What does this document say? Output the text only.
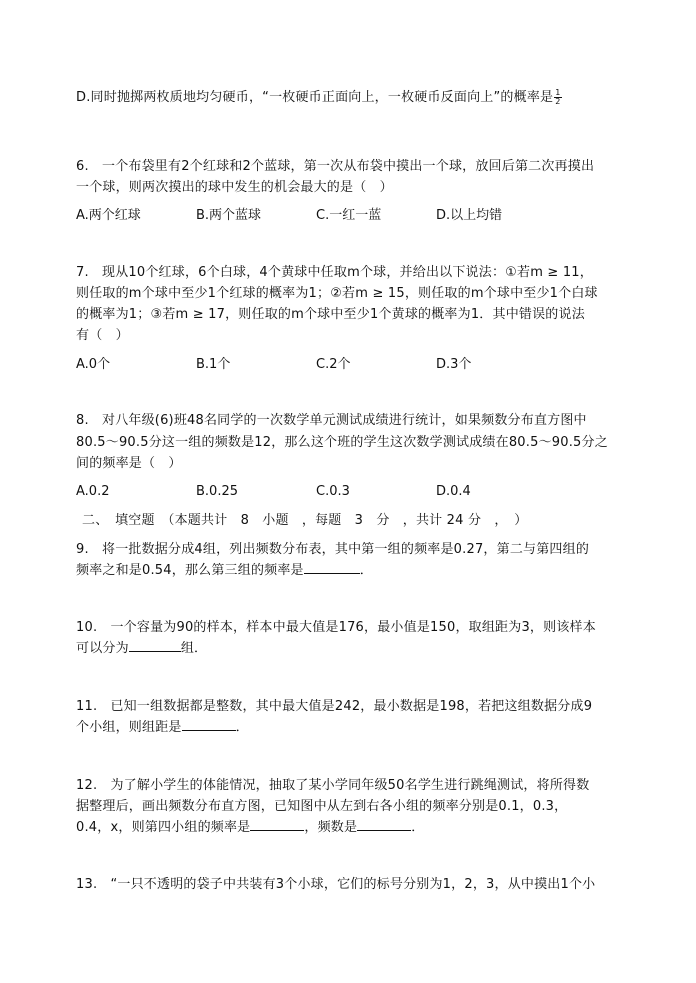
D.同时抛掷两枚质地均匀硬币，“一枚硬币正面向上，一枚硬币反面向上”的概率是 $\frac{1}{2}$
6.　一个布袋里有2个红球和2个蓝球，第一次从布袋中摸出一个球，放回后第二次再摸出
一个球，则两次摸出的球中发生的机会最大的是（　）
A.两个红球	B.两个蓝球	C.一红一蓝	D.以上均错
7.　现从10个红球，6个白球，4个黄球中任取m个球，并给出以下说法：①若m ≥ 11，
则任取的m个球中至少1个红球的概率为1；②若m ≥ 15，则任取的m个球中至少1个白球
的概率为1；③若m ≥ 17，则任取的m个球中至少1个黄球的概率为1．其中错误的说法
有（　）
A.0个	B.1个	C.2个	D.3个
8.　对八年级(6)班48名同学的一次数学单元测试成绩进行统计，如果频数分布直方图中
80.5～90.5分这一组的频数是12，那么这个班的学生这次数学测试成绩在80.5～90.5分之
间的频率是（　）
A.0.2	B.0.25	C.0.3	D.0.4
二、　填空题　（本题共计　8　小题　，每题　3　分　，共计 24 分　，　）
9.　将一批数据分成4组，列出频数分布表，其中第一组的频率是0.27，第二与第四组的
频率之和是0.54，那么第三组的频率是	．
10.　一个容量为90的样本，样本中最大值是176，最小值是150，取组距为3，则该样本
可以分为	组．
11.　已知一组数据都是整数，其中最大值是242，最小数据是198，若把这组数据分成9
个小组，则组距是	．
12.　为了解小学生的体能情况，抽取了某小学同年级50名学生进行跳绳测试，将所得数
据整理后，画出频数分布直方图，已知图中从左到右各小组的频率分别是0.1，0.3，
0.4，x，则第四小组的频率是	，频数是	．
13.　“一只不透明的袋子中共装有3个小球，它们的标号分别为1，2，3，从中摸出1个小
